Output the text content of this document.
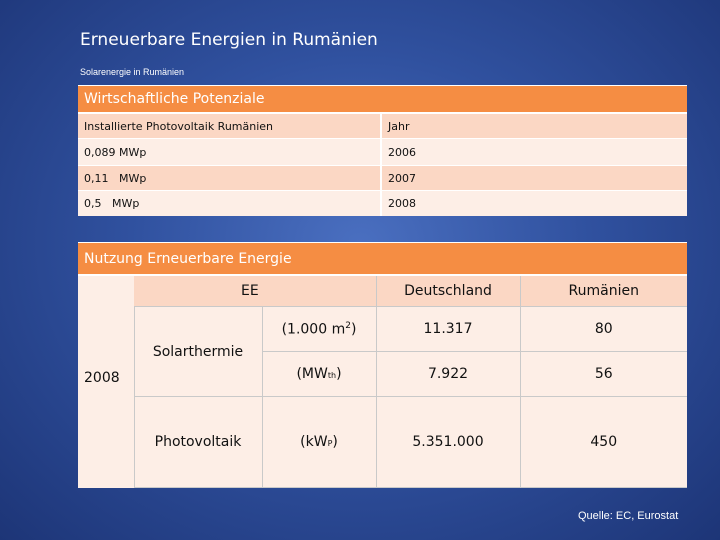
Erneuerbare Energien in Rumänien
Solarenergie in Rumänien
Wirtschaftliche Potenziale	
Installierte Photovoltaik Rumänien	Jahr
0,089 MWp	2006
0,11   MWp	2007
0,5   MWp	2008
Nutzung Erneuerbare Energie				
2008	EE		Deutschland	Rumänien
	Solarthermie	(1.000 $m^2$)	11.317	80
		(MWth)	7.922	56
	Photovoltaik	(kWP)	5.351.000	450
Quelle: EC, Eurostat
